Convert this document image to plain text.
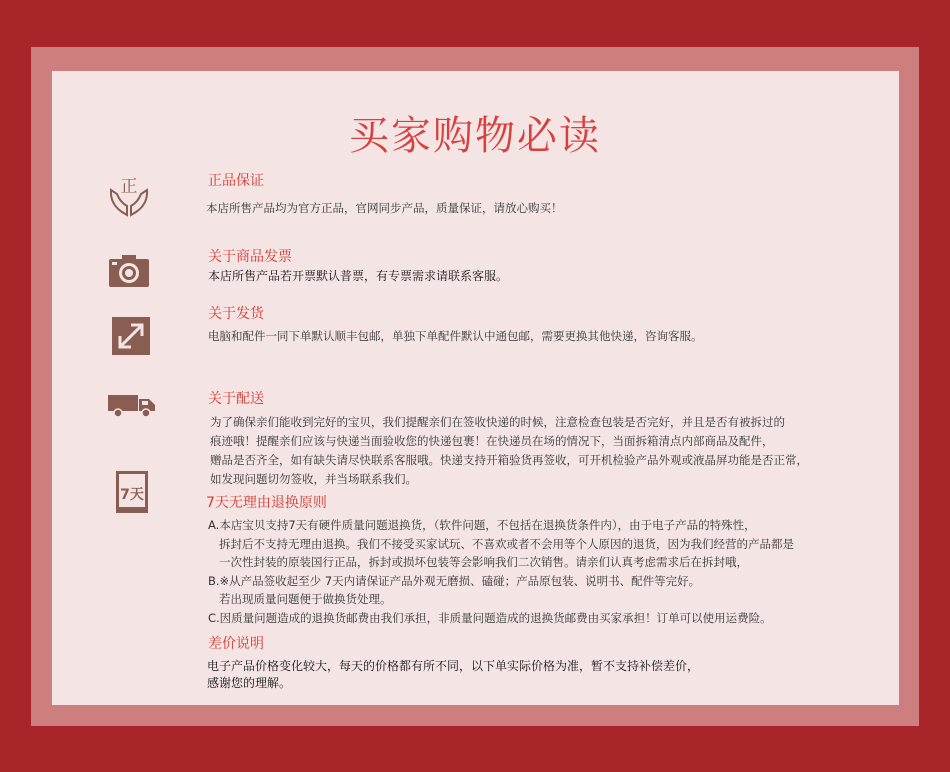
买家购物必读
正	正品保证
本店所售产品均为官方正品，官网同步产品，质量保证，请放心购买！
关于商品发票
本店所售产品若开票默认普票，有专票需求请联系客服。
关于发货
电脑和配件一同下单默认顺丰包邮，单独下单配件默认中通包邮，需要更换其他快递，咨询客服。
关于配送
为了确保亲们能收到完好的宝贝，我们提醒亲们在签收快递的时候，注意检查包装是否完好，并且是否有被拆过的
痕迹哦！提醒亲们应该与快递当面验收您的快递包裹！在快递员在场的情况下，当面拆箱清点内部商品及配件，
赠品是否齐全，如有缺失请尽快联系客服哦。快递支持开箱验货再签收，可开机检验产品外观或液晶屏功能是否正常，
如发现问题切勿签收，并当场联系我们。
7天	7天无理由退换原则
A.本店宝贝支持7天有硬件质量问题退换货，（软件问题，不包括在退换货条件内），由于电子产品的特殊性，
拆封后不支持无理由退换。我们不接受买家试玩、不喜欢或者不会用等个人原因的退货，因为我们经营的产品都是
一次性封装的原装国行正品，拆封或损坏包装等会影响我们二次销售。请亲们认真考虑需求后在拆封哦，
B.※从产品签收起至少 7天内请保证产品外观无磨损、磕碰；产品原包装、说明书、配件等完好。
若出现质量问题便于做换货处理。
C.因质量问题造成的退换货邮费由我们承担，非质量问题造成的退换货邮费由买家承担！订单可以使用运费险。
差价说明
电子产品价格变化较大，每天的价格都有所不同，以下单实际价格为准，暂不支持补偿差价，
感谢您的理解。
